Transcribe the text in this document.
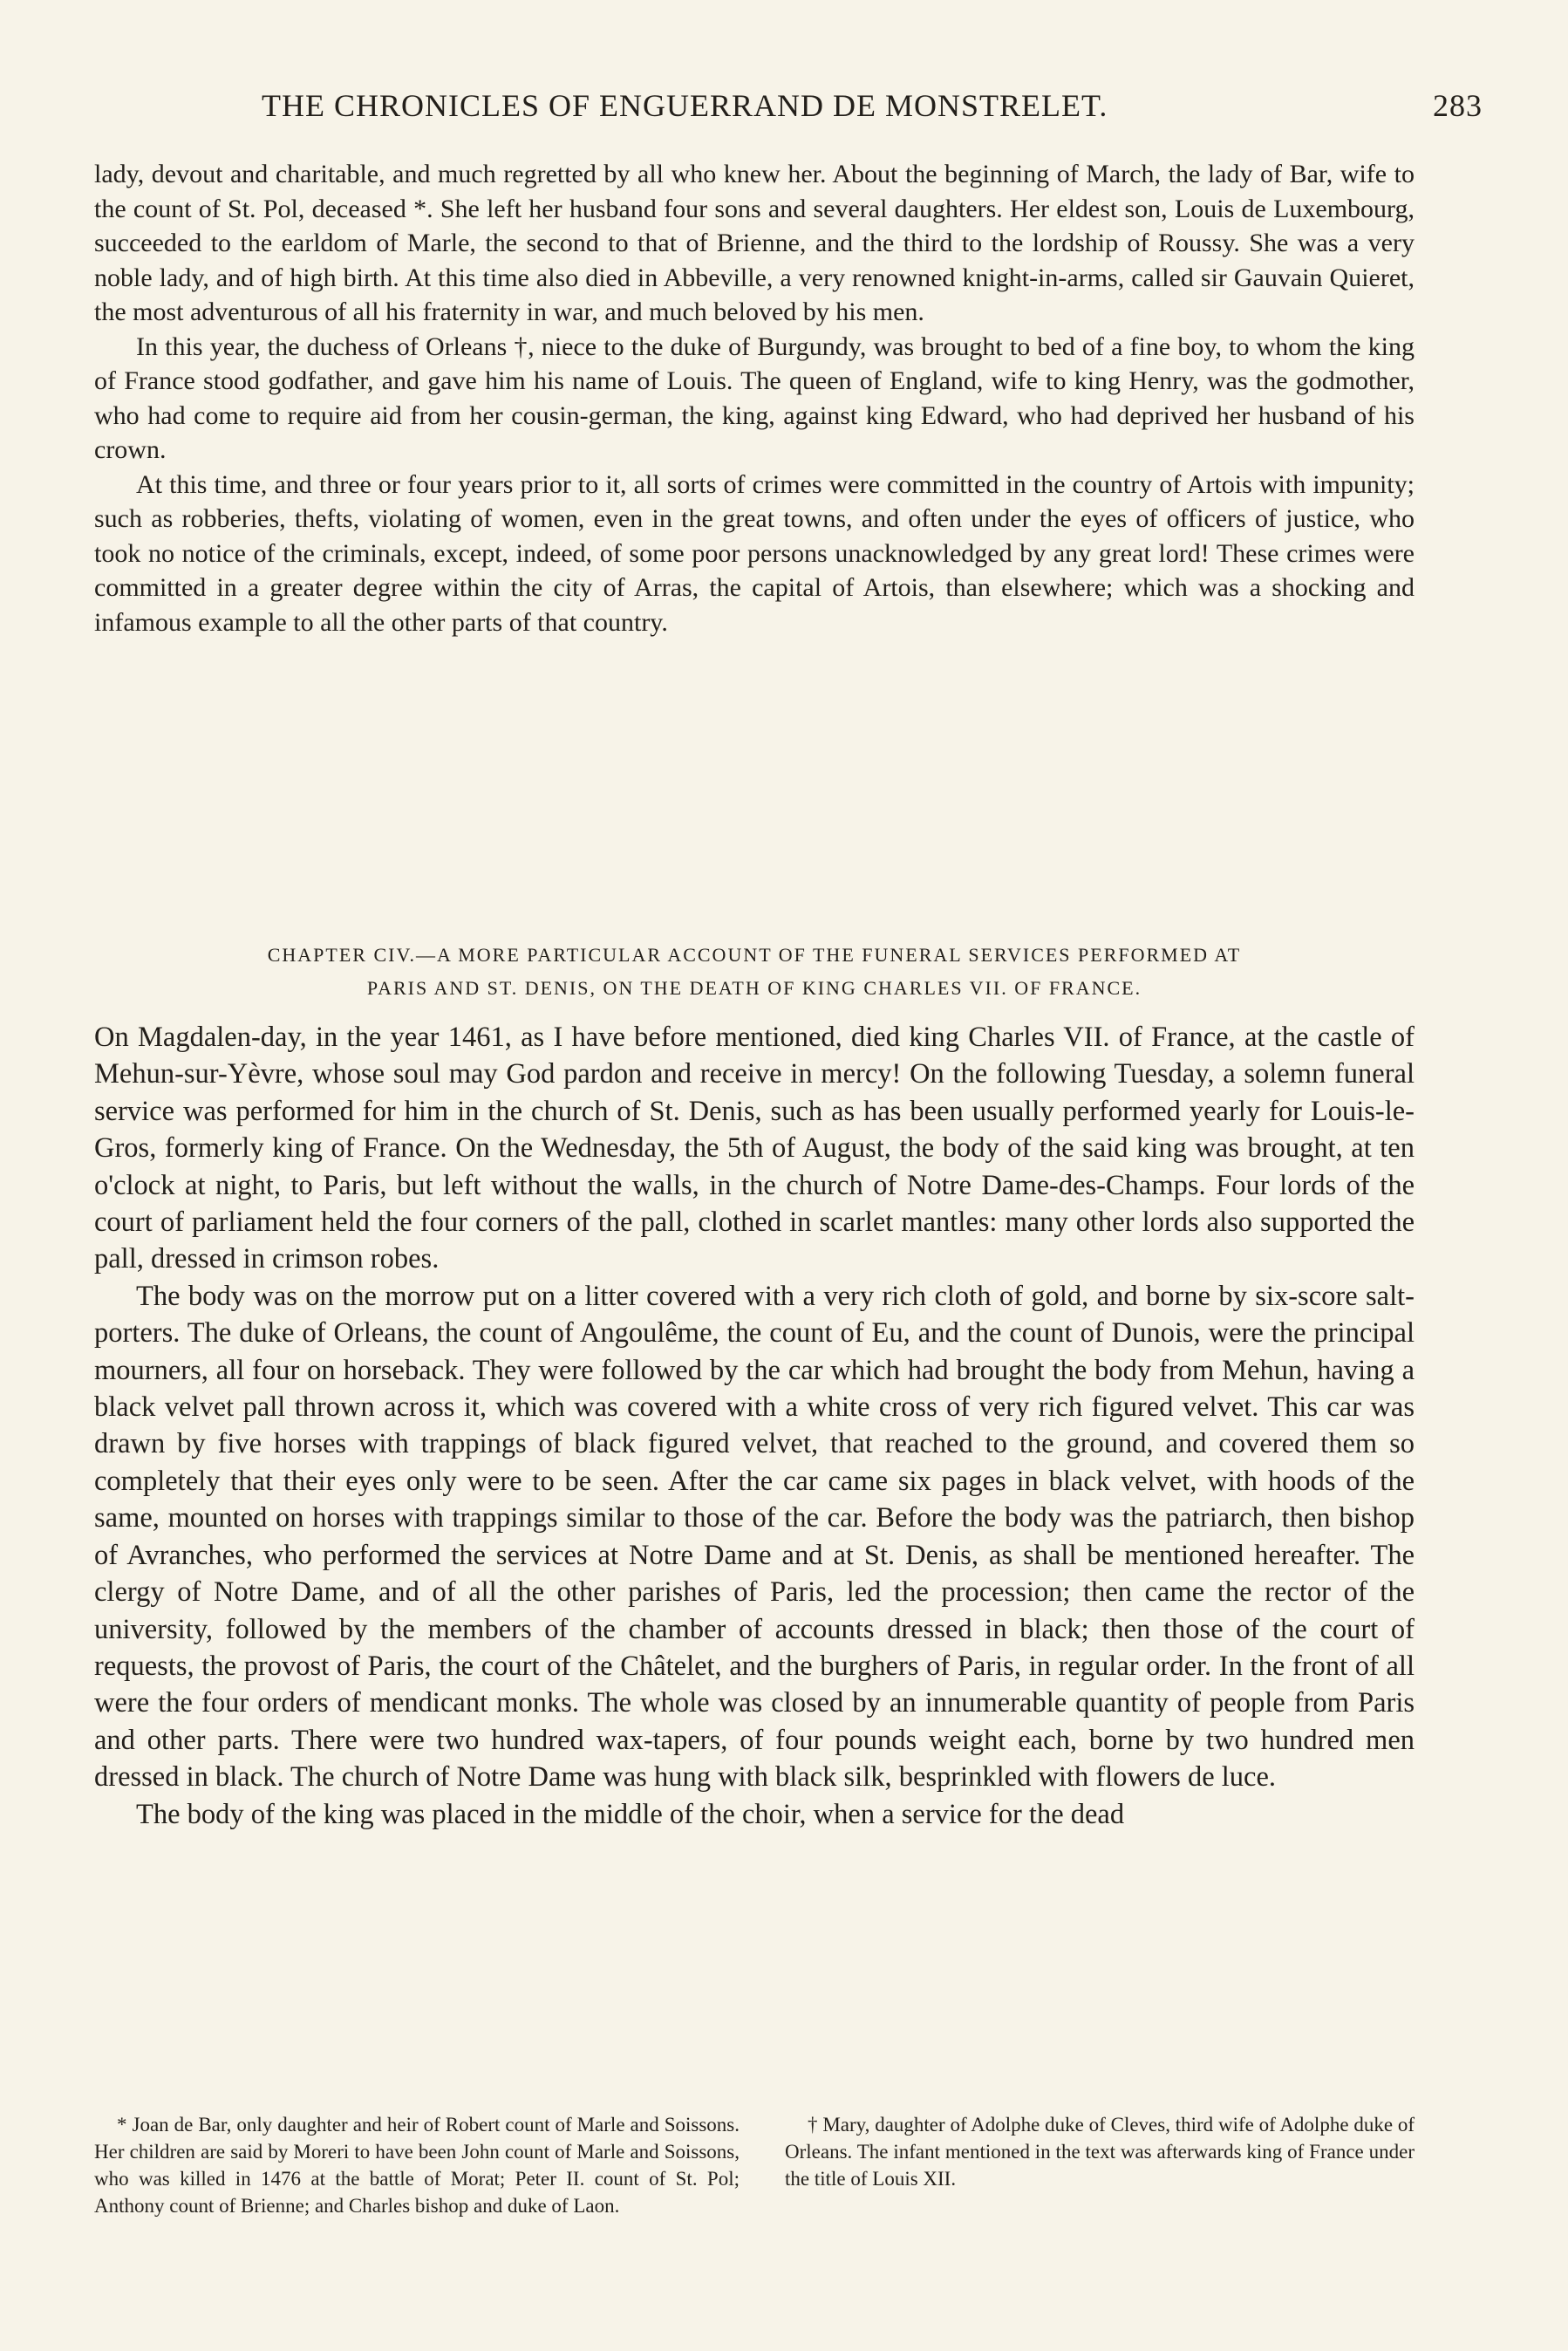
THE CHRONICLES OF ENGUERRAND DE MONSTRELET.	283

lady, devout and charitable, and much regretted by all who knew her. About the beginning of March, the lady of Bar, wife to the count of St. Pol, deceased *. She left her husband four sons and several daughters. Her eldest son, Louis de Luxembourg, succeeded to the earldom of Marle, the second to that of Brienne, and the third to the lordship of Roussy. She was a very noble lady, and of high birth. At this time also died in Abbeville, a very renowned knight-in-arms, called sir Gauvain Quieret, the most adventurous of all his fraternity in war, and much beloved by his men.

In this year, the duchess of Orleans †, niece to the duke of Burgundy, was brought to bed of a fine boy, to whom the king of France stood godfather, and gave him his name of Louis. The queen of England, wife to king Henry, was the godmother, who had come to require aid from her cousin-german, the king, against king Edward, who had deprived her husband of his crown.

At this time, and three or four years prior to it, all sorts of crimes were committed in the country of Artois with impunity; such as robberies, thefts, violating of women, even in the great towns, and often under the eyes of officers of justice, who took no notice of the criminals, except, indeed, of some poor persons unacknowledged by any great lord! These crimes were committed in a greater degree within the city of Arras, the capital of Artois, than elsewhere; which was a shocking and infamous example to all the other parts of that country.

CHAPTER CIV.—A MORE PARTICULAR ACCOUNT OF THE FUNERAL SERVICES PERFORMED AT
PARIS AND ST. DENIS, ON THE DEATH OF KING CHARLES VII. OF FRANCE.

On Magdalen-day, in the year 1461, as I have before mentioned, died king Charles VII. of France, at the castle of Mehun-sur-Yèvre, whose soul may God pardon and receive in mercy! On the following Tuesday, a solemn funeral service was performed for him in the church of St. Denis, such as has been usually performed yearly for Louis-le-Gros, formerly king of France. On the Wednesday, the 5th of August, the body of the said king was brought, at ten o'clock at night, to Paris, but left without the walls, in the church of Notre Dame-des-Champs. Four lords of the court of parliament held the four corners of the pall, clothed in scarlet mantles: many other lords also supported the pall, dressed in crimson robes.

The body was on the morrow put on a litter covered with a very rich cloth of gold, and borne by six-score salt-porters. The duke of Orleans, the count of Angoulême, the count of Eu, and the count of Dunois, were the principal mourners, all four on horseback. They were followed by the car which had brought the body from Mehun, having a black velvet pall thrown across it, which was covered with a white cross of very rich figured velvet. This car was drawn by five horses with trappings of black figured velvet, that reached to the ground, and covered them so completely that their eyes only were to be seen. After the car came six pages in black velvet, with hoods of the same, mounted on horses with trappings similar to those of the car. Before the body was the patriarch, then bishop of Avranches, who performed the services at Notre Dame and at St. Denis, as shall be mentioned hereafter. The clergy of Notre Dame, and of all the other parishes of Paris, led the procession; then came the rector of the university, followed by the members of the chamber of accounts dressed in black; then those of the court of requests, the provost of Paris, the court of the Châtelet, and the burghers of Paris, in regular order. In the front of all were the four orders of mendicant monks. The whole was closed by an innumerable quantity of people from Paris and other parts. There were two hundred wax-tapers, of four pounds weight each, borne by two hundred men dressed in black. The church of Notre Dame was hung with black silk, besprinkled with flowers de luce.

The body of the king was placed in the middle of the choir, when a service for the dead

* Joan de Bar, only daughter and heir of Robert count of Marle and Soissons. Her children are said by Moreri to have been John count of Marle and Soissons, who was killed in 1476 at the battle of Morat; Peter II. count of St. Pol; Anthony count of Brienne; and Charles bishop and duke of Laon.

† Mary, daughter of Adolphe duke of Cleves, third wife of Adolphe duke of Orleans. The infant mentioned in the text was afterwards king of France under the title of Louis XII.
